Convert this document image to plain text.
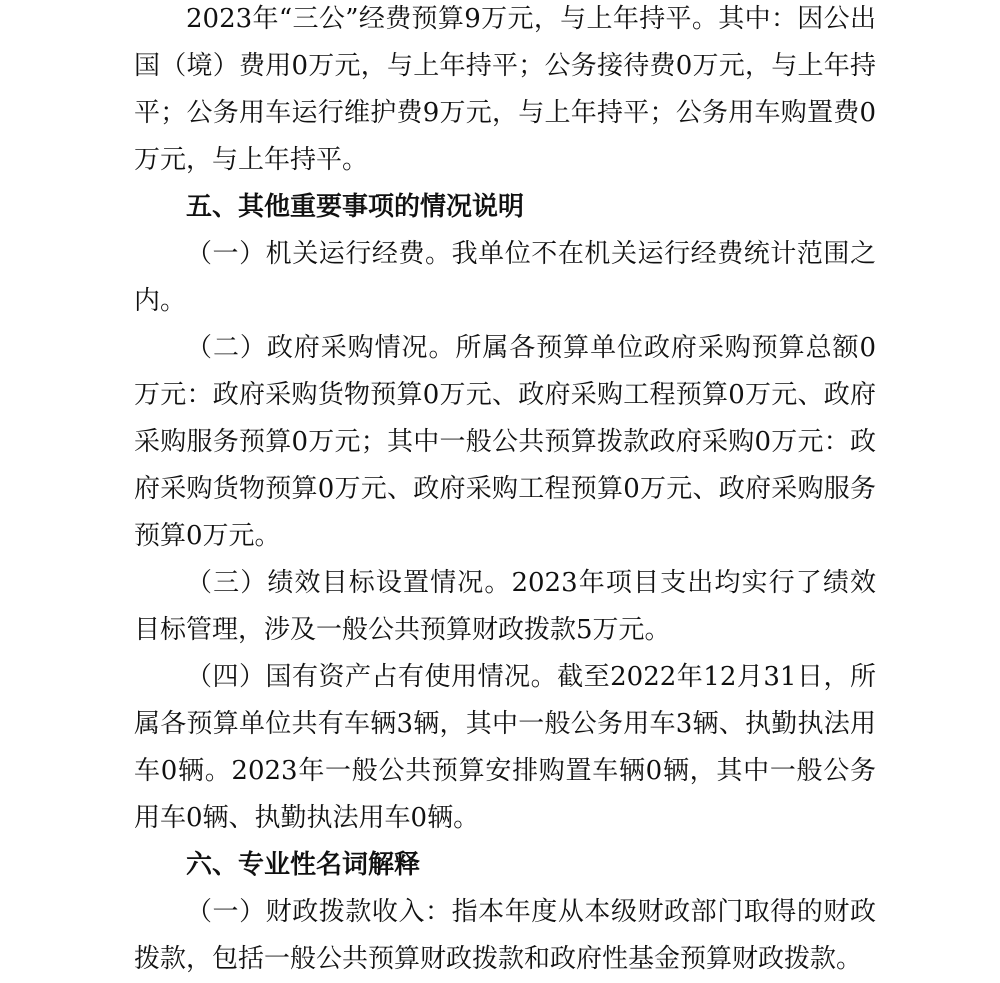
2023年“三公”经费预算9万元，与上年持平。其中：因公出国（境）费用0万元，与上年持平；公务接待费0万元，与上年持平；公务用车运行维护费9万元，与上年持平；公务用车购置费0万元，与上年持平。

五、其他重要事项的情况说明

（一）机关运行经费。我单位不在机关运行经费统计范围之内。

（二）政府采购情况。所属各预算单位政府采购预算总额0万元：政府采购货物预算0万元、政府采购工程预算0万元、政府采购服务预算0万元；其中一般公共预算拨款政府采购0万元：政府采购货物预算0万元、政府采购工程预算0万元、政府采购服务预算0万元。

（三）绩效目标设置情况。2023年项目支出均实行了绩效目标管理，涉及一般公共预算财政拨款5万元。

（四）国有资产占有使用情况。截至2022年12月31日，所属各预算单位共有车辆3辆，其中一般公务用车3辆、执勤执法用车0辆。2023年一般公共预算安排购置车辆0辆，其中一般公务用车0辆、执勤执法用车0辆。

六、专业性名词解释

（一）财政拨款收入：指本年度从本级财政部门取得的财政拨款，包括一般公共预算财政拨款和政府性基金预算财政拨款。
